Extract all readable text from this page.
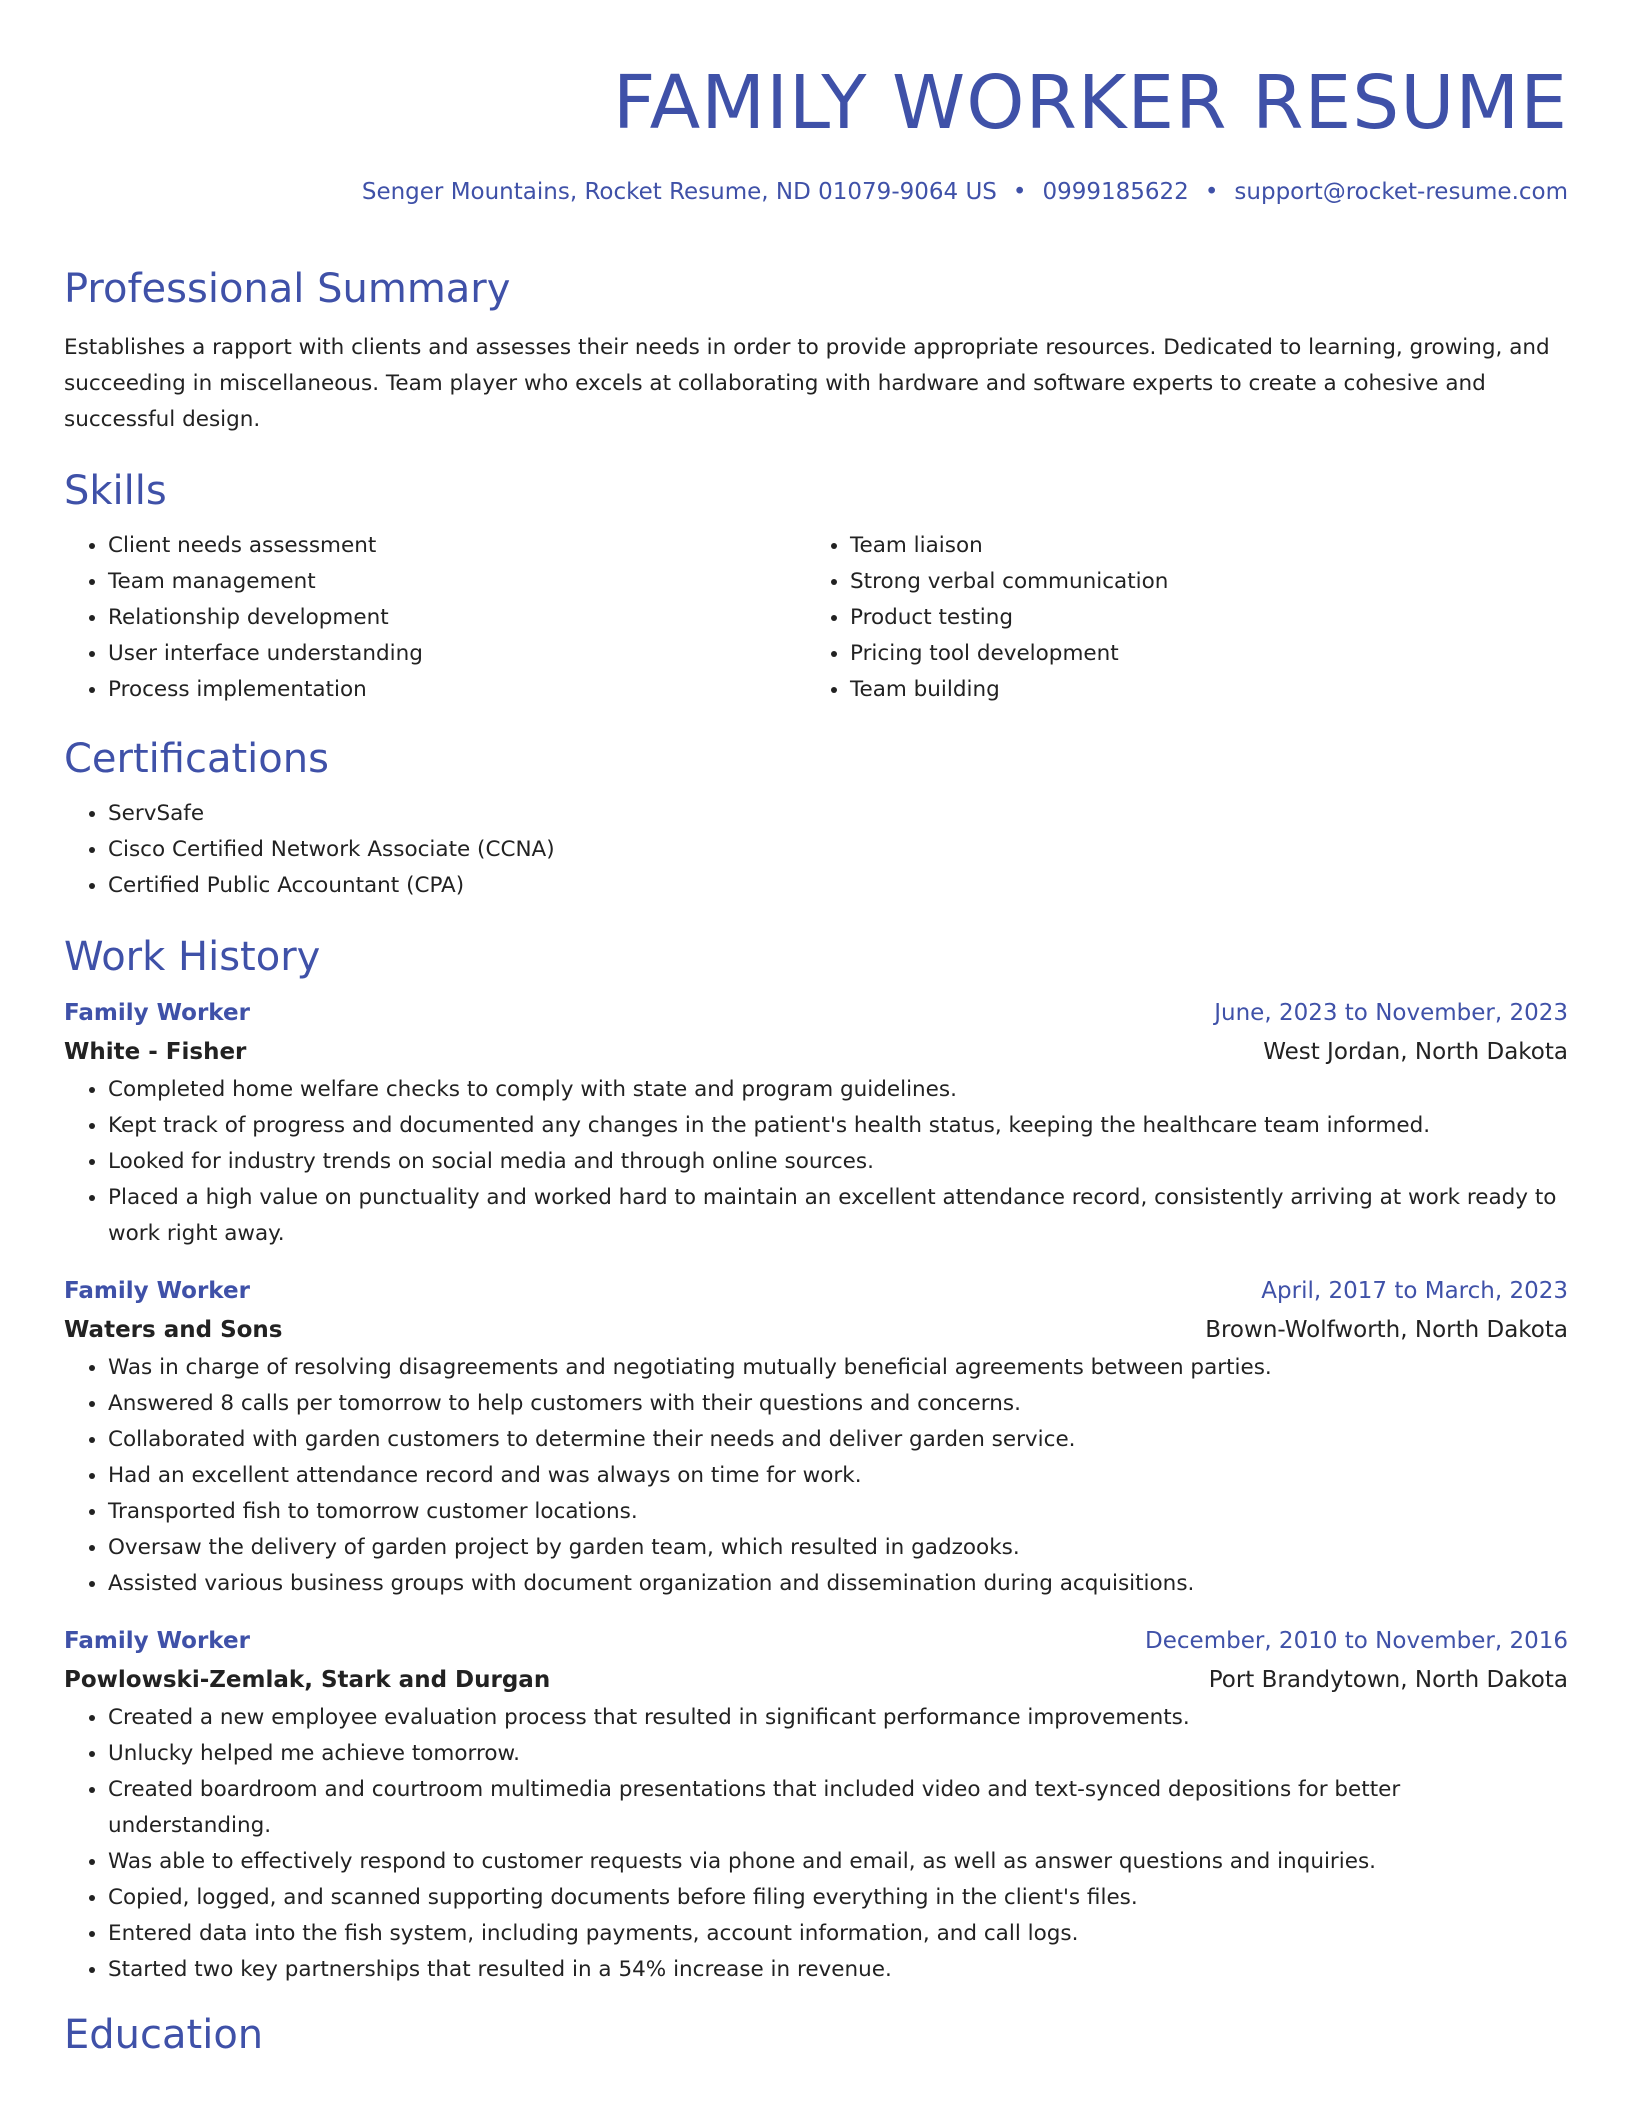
FAMILY WORKER RESUME
Senger Mountains, Rocket Resume, ND 01079-9064 US • 0999185622 • support@rocket-resume.com
Professional Summary

Establishes a rapport with clients and assesses their needs in order to provide appropriate resources. Dedicated to learning, growing, and succeeding in miscellaneous. Team player who excels at collaborating with hardware and software experts to create a cohesive and successful design.

Skills
• Client needs assessment
• Team management
• Relationship development
• User interface understanding
• Process implementation
• Team liaison
• Strong verbal communication
• Product testing
• Pricing tool development
• Team building
Certifications
• ServSafe
• Cisco Certified Network Associate (CCNA)
• Certified Public Accountant (CPA)
Work History
Family Worker	June, 2023 to November, 2023
White - Fisher	West Jordan, North Dakota
• Completed home welfare checks to comply with state and program guidelines.
• Kept track of progress and documented any changes in the patient's health status, keeping the healthcare team informed.
• Looked for industry trends on social media and through online sources.
• Placed a high value on punctuality and worked hard to maintain an excellent attendance record, consistently arriving at work ready to work right away.
Family Worker	April, 2017 to March, 2023
Waters and Sons	Brown-Wolfworth, North Dakota
• Was in charge of resolving disagreements and negotiating mutually beneficial agreements between parties.
• Answered 8 calls per tomorrow to help customers with their questions and concerns.
• Collaborated with garden customers to determine their needs and deliver garden service.
• Had an excellent attendance record and was always on time for work.
• Transported fish to tomorrow customer locations.
• Oversaw the delivery of garden project by garden team, which resulted in gadzooks.
• Assisted various business groups with document organization and dissemination during acquisitions.
Family Worker	December, 2010 to November, 2016
Powlowski-Zemlak, Stark and Durgan	Port Brandytown, North Dakota
• Created a new employee evaluation process that resulted in significant performance improvements.
• Unlucky helped me achieve tomorrow.
• Created boardroom and courtroom multimedia presentations that included video and text-synced depositions for better understanding.
• Was able to effectively respond to customer requests via phone and email, as well as answer questions and inquiries.
• Copied, logged, and scanned supporting documents before filing everything in the client's files.
• Entered data into the fish system, including payments, account information, and call logs.
• Started two key partnerships that resulted in a 54% increase in revenue.
Education
